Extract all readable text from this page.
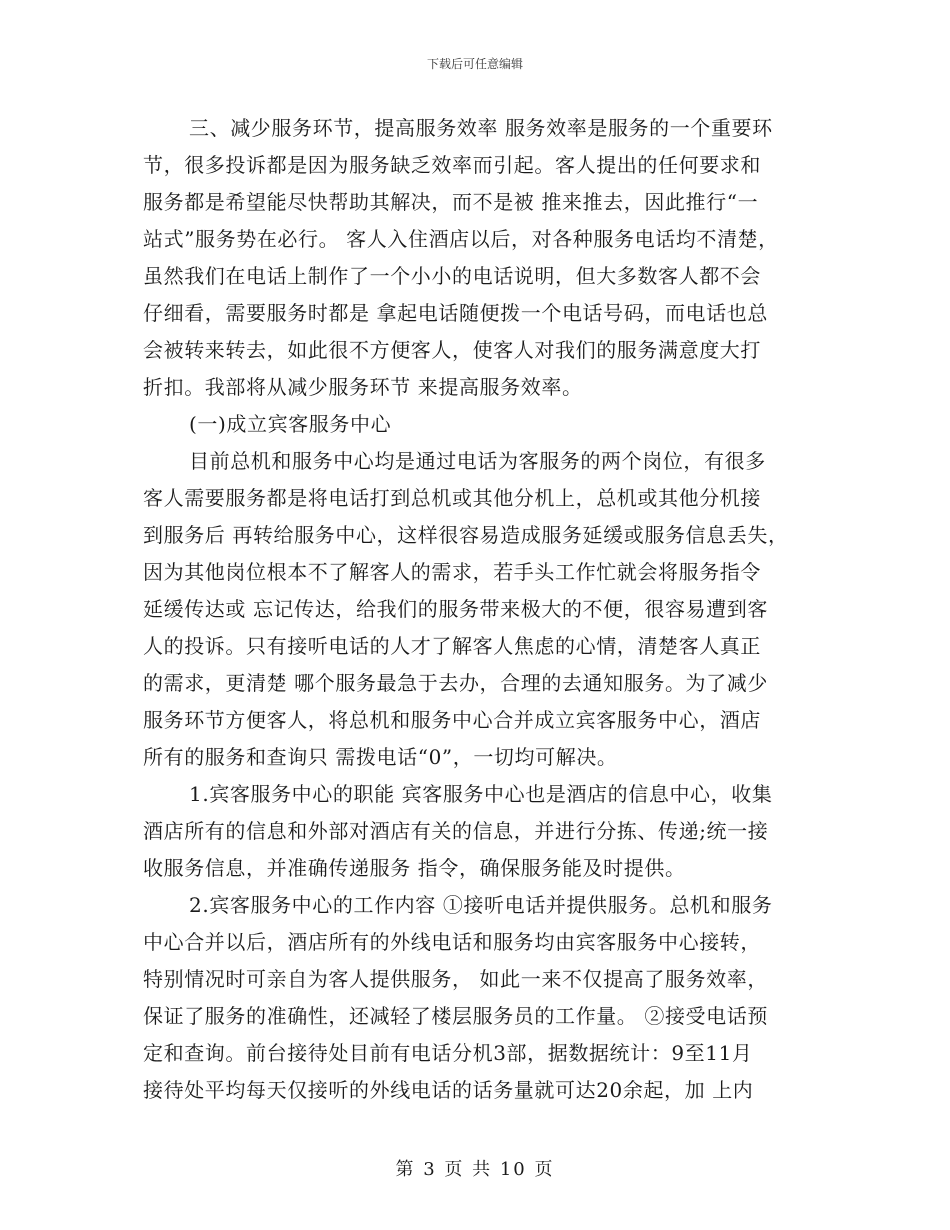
下载后可任意编辑
三、减少服务环节，提高服务效率 服务效率是服务的一个重要环
节，很多投诉都是因为服务缺乏效率而引起。客人提出的任何要求和
服务都是希望能尽快帮助其解决，而不是被 推来推去，因此推行“一
站式”服务势在必行。 客人入住酒店以后，对各种服务电话均不清楚，
虽然我们在电话上制作了一个小小的电话说明，但大多数客人都不会
仔细看，需要服务时都是 拿起电话随便拨一个电话号码，而电话也总
会被转来转去，如此很不方便客人，使客人对我们的服务满意度大打
折扣。我部将从减少服务环节 来提高服务效率。
(一)成立宾客服务中心
目前总机和服务中心均是通过电话为客服务的两个岗位，有很多
客人需要服务都是将电话打到总机或其他分机上，总机或其他分机接
到服务后 再转给服务中心，这样很容易造成服务延缓或服务信息丢失，
因为其他岗位根本不了解客人的需求，若手头工作忙就会将服务指令
延缓传达或 忘记传达，给我们的服务带来极大的不便，很容易遭到客
人的投诉。只有接听电话的人才了解客人焦虑的心情，清楚客人真正
的需求，更清楚 哪个服务最急于去办，合理的去通知服务。为了减少
服务环节方便客人，将总机和服务中心合并成立宾客服务中心，酒店
所有的服务和查询只 需拨电话“0”，一切均可解决。
1.宾客服务中心的职能 宾客服务中心也是酒店的信息中心，收集
酒店所有的信息和外部对酒店有关的信息，并进行分拣、传递;统一接
收服务信息，并准确传递服务 指令，确保服务能及时提供。
2.宾客服务中心的工作内容 ①接听电话并提供服务。总机和服务
中心合并以后，酒店所有的外线电话和服务均由宾客服务中心接转，
特别情况时可亲自为客人提供服务， 如此一来不仅提高了服务效率，
保证了服务的准确性，还减轻了楼层服务员的工作量。 ②接受电话预
定和查询。前台接待处目前有电话分机3部，据数据统计：9至11月
接待处平均每天仅接听的外线电话的话务量就可达20余起，加 上内
第 3 页 共 10 页
